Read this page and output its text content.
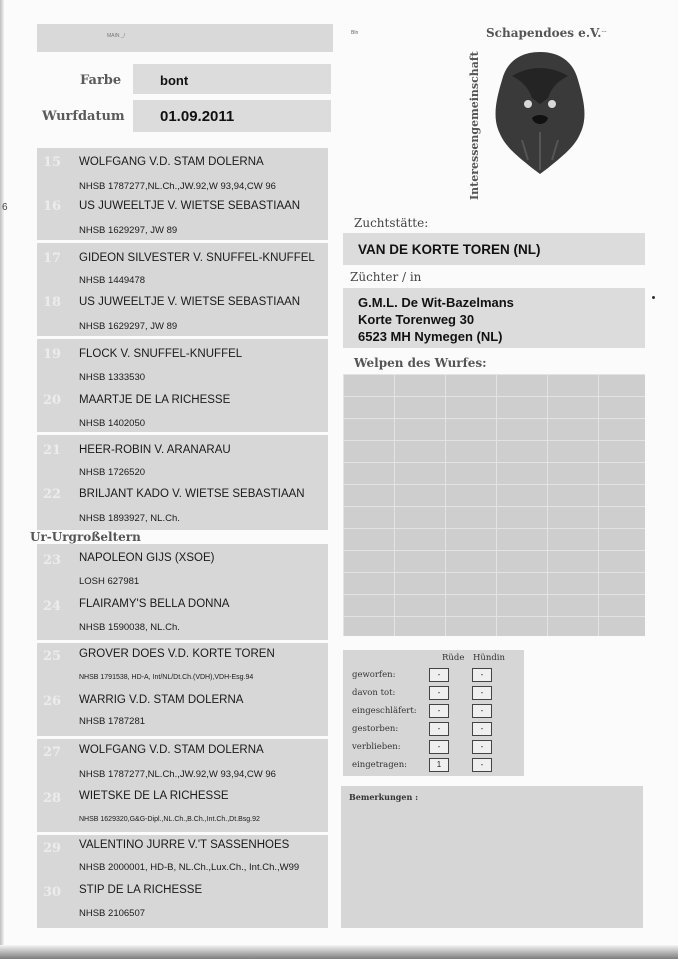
6
MAIN _/
Farbe	bont
Wurfdatum 01.09.2011
Ur-Urgroßeltern
15 WOLFGANG V.D. STAM DOLERNA
NHSB 1787277,NL.Ch.,JW.92,W 93,94,CW 96
16 US JUWEELTJE V. WIETSE SEBASTIAAN
NHSB 1629297, JW 89
17 GIDEON SILVESTER V. SNUFFEL-KNUFFEL
NHSB 1449478
18 US JUWEELTJE V. WIETSE SEBASTIAAN
NHSB 1629297, JW 89
19 FLOCK V. SNUFFEL-KNUFFEL
NHSB 1333530
20 MAARTJE DE LA RICHESSE
NHSB 1402050
21 HEER-ROBIN V. ARANARAU
NHSB 1726520
22 BRILJANT KADO V. WIETSE SEBASTIAAN
NHSB 1893927, NL.Ch.
23 NAPOLEON GIJS (XSOE)
LOSH 627981
24 FLAIRAMY'S BELLA DONNA
NHSB 1590038, NL.Ch.
25 GROVER DOES V.D. KORTE TOREN
NHSB 1791538, HD-A, Int/NL/Dt.Ch.(VDH),VDH-Esg.94
26 WARRIG V.D. STAM DOLERNA
NHSB 1787281
27 WOLFGANG V.D. STAM DOLERNA
NHSB 1787277,NL.Ch.,JW.92,W 93,94,CW 96
28 WIETSKE DE LA RICHESSE
NHSB 1629320,G&G-Dipl.,NL.Ch.,B.Ch.,Int.Ch.,Dt.Bsg.92
29 VALENTINO JURRE V.'T SASSENHOES
NHSB 2000001, HD-B, NL.Ch.,Lux.Ch., Int.Ch.,W99
30 STIP DE LA RICHESSE
NHSB 2106507
Bln	Schapendoes e.V....
Interessengemeinschaft
Zuchtstätte:
VAN DE KORTE TOREN (NL)
Züchter / in
G.M.L. De Wit-Bazelmans
Korte Torenweg 30
6523 MH Nymegen (NL)
Welpen des Wurfes:
Rüde Hündin
geworfen:	-	-
davon tot:	-	-
eingeschläfert:	-	-
gestorben:	-	-
verblieben:	-	-
eingetragen:	1	-
Bemerkungen :
